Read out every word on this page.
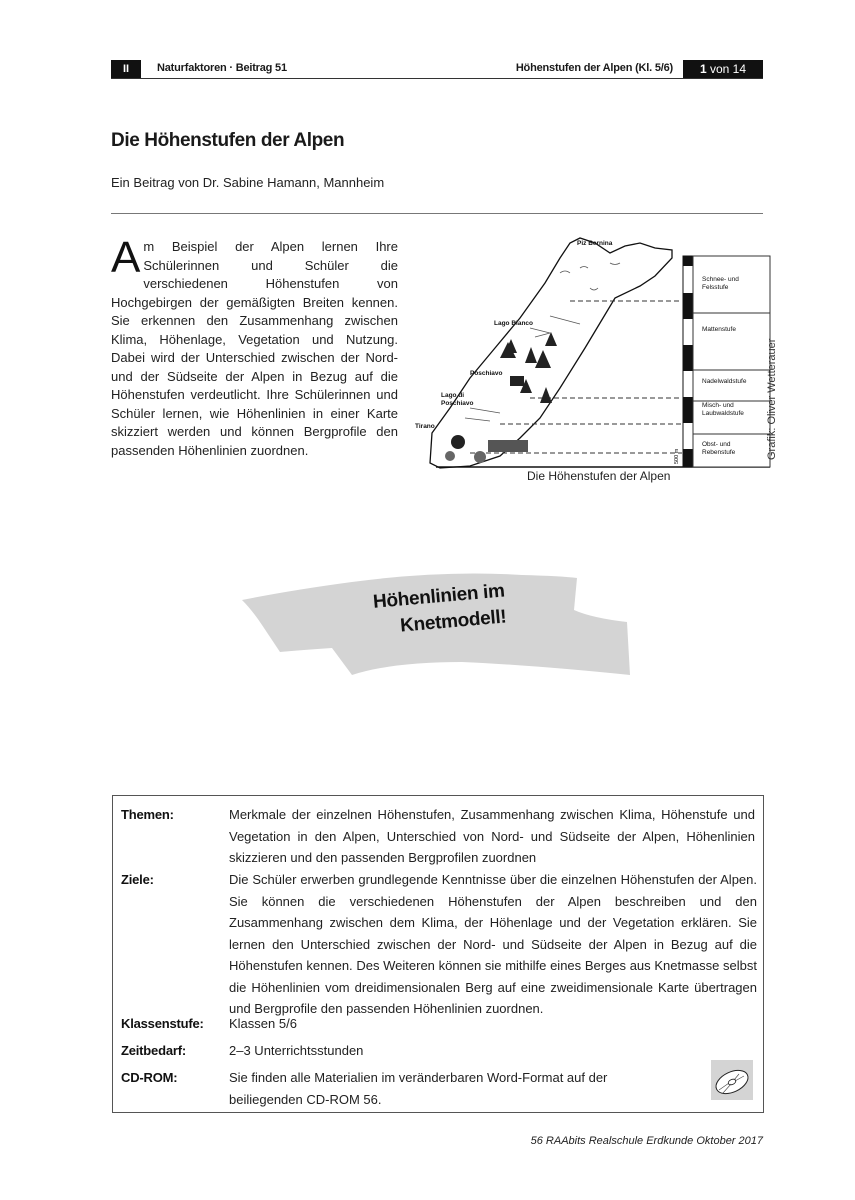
II	Naturfaktoren · Beitrag 51	Höhenstufen der Alpen (Kl. 5/6)	1 von 14
Die Höhenstufen der Alpen
Ein Beitrag von Dr. Sabine Hamann, Mannheim
Am Beispiel der Alpen lernen Ihre Schülerinnen und Schüler die verschiedenen Höhenstufen von Hochgebirgen der gemäßigten Breiten kennen. Sie erkennen den Zusammenhang zwischen Klima, Höhenlage, Vegetation und Nutzung. Dabei wird der Unterschied zwischen der Nord- und der Südseite der Alpen in Bezug auf die Höhenstufen verdeutlicht. Ihre Schülerinnen und Schüler lernen, wie Höhenlinien in einer Karte skizziert werden und können Bergprofile den passenden Höhenlinien zuordnen.
Piz Bernina
Lago Bianco
Poschiavo
Lago di
Poschiavo
Tirano
500 m
Schnee- und
Felsstufe
Mattenstufe
Nadelwaldstufe
Misch- und
Laubwaldstufe
Obst- und
Rebenstufe
Die Höhenstufen der Alpen
Grafik: Oliver Wetterauer
Höhenlinien im
Knetmodell!
Themen:	Merkmale der einzelnen Höhenstufen, Zusammenhang zwischen Klima, Höhenstufe und Vegetation in den Alpen, Unterschied von Nord- und Südseite der Alpen, Höhenlinien skizzieren und den passenden Bergprofilen zuordnen
Ziele:	Die Schüler erwerben grundlegende Kenntnisse über die einzelnen Höhenstufen der Alpen. Sie können die verschiedenen Höhenstufen der Alpen beschreiben und den Zusammenhang zwischen dem Klima, der Höhenlage und der Vegetation erklären. Sie lernen den Unterschied zwischen der Nord- und Südseite der Alpen in Bezug auf die Höhenstufen kennen. Des Weiteren können sie mithilfe eines Berges aus Knetmasse selbst die Höhenlinien vom dreidimensionalen Berg auf eine zweidimensionale Karte übertragen und Bergprofile den passenden Höhenlinien zuordnen.
Klassenstufe:	Klassen 5/6
Zeitbedarf:	2–3 Unterrichtsstunden
CD-ROM:	Sie finden alle Materialien im veränderbaren Word-Format auf der beiliegenden CD-ROM 56.
56 RAAbits Realschule Erdkunde Oktober 2017
